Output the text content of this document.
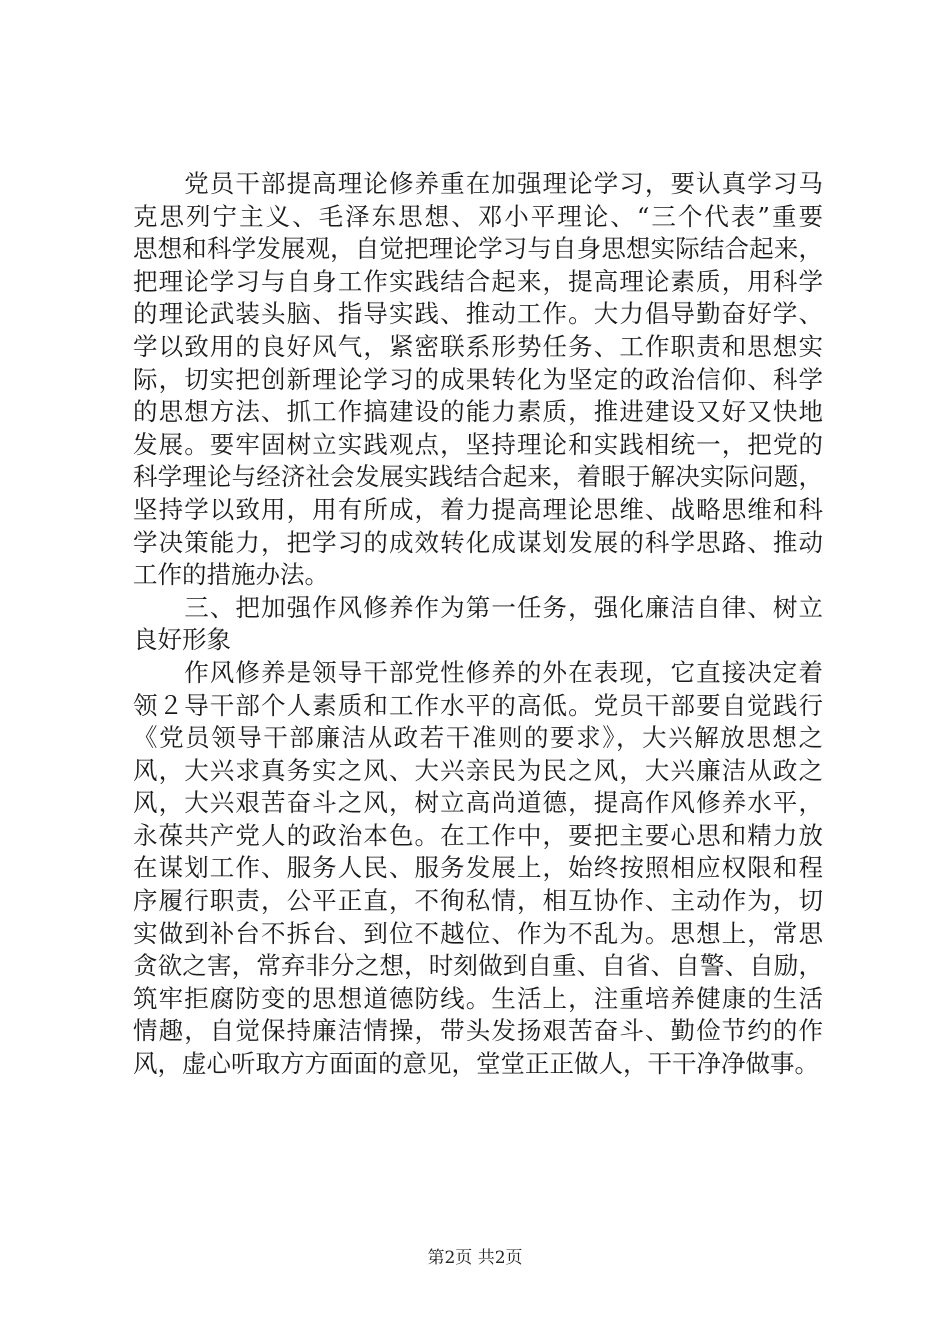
　　党员干部提高理论修养重在加强理论学习，要认真学习马
克思列宁主义、毛泽东思想、邓小平理论、“三个代表”重要
思想和科学发展观，自觉把理论学习与自身思想实际结合起来，
把理论学习与自身工作实践结合起来，提高理论素质，用科学
的理论武装头脑、指导实践、推动工作。大力倡导勤奋好学、
学以致用的良好风气，紧密联系形势任务、工作职责和思想实
际，切实把创新理论学习的成果转化为坚定的政治信仰、科学
的思想方法、抓工作搞建设的能力素质，推进建设又好又快地
发展。要牢固树立实践观点，坚持理论和实践相统一，把党的
科学理论与经济社会发展实践结合起来，着眼于解决实际问题，
坚持学以致用，用有所成，着力提高理论思维、战略思维和科
学决策能力，把学习的成效转化成谋划发展的科学思路、推动
工作的措施办法。
　　三、把加强作风修养作为第一任务，强化廉洁自律、树立
良好形象
　　作风修养是领导干部党性修养的外在表现，它直接决定着
领２导干部个人素质和工作水平的高低。党员干部要自觉践行
《党员领导干部廉洁从政若干准则的要求》，大兴解放思想之
风，大兴求真务实之风、大兴亲民为民之风，大兴廉洁从政之
风，大兴艰苦奋斗之风，树立高尚道德，提高作风修养水平，
永葆共产党人的政治本色。在工作中，要把主要心思和精力放
在谋划工作、服务人民、服务发展上，始终按照相应权限和程
序履行职责，公平正直，不徇私情，相互协作、主动作为，切
实做到补台不拆台、到位不越位、作为不乱为。思想上，常思
贪欲之害，常弃非分之想，时刻做到自重、自省、自警、自励，
筑牢拒腐防变的思想道德防线。生活上，注重培养健康的生活
情趣，自觉保持廉洁情操，带头发扬艰苦奋斗、勤俭节约的作
风，虚心听取方方面面的意见，堂堂正正做人，干干净净做事。
第2页 共2页
